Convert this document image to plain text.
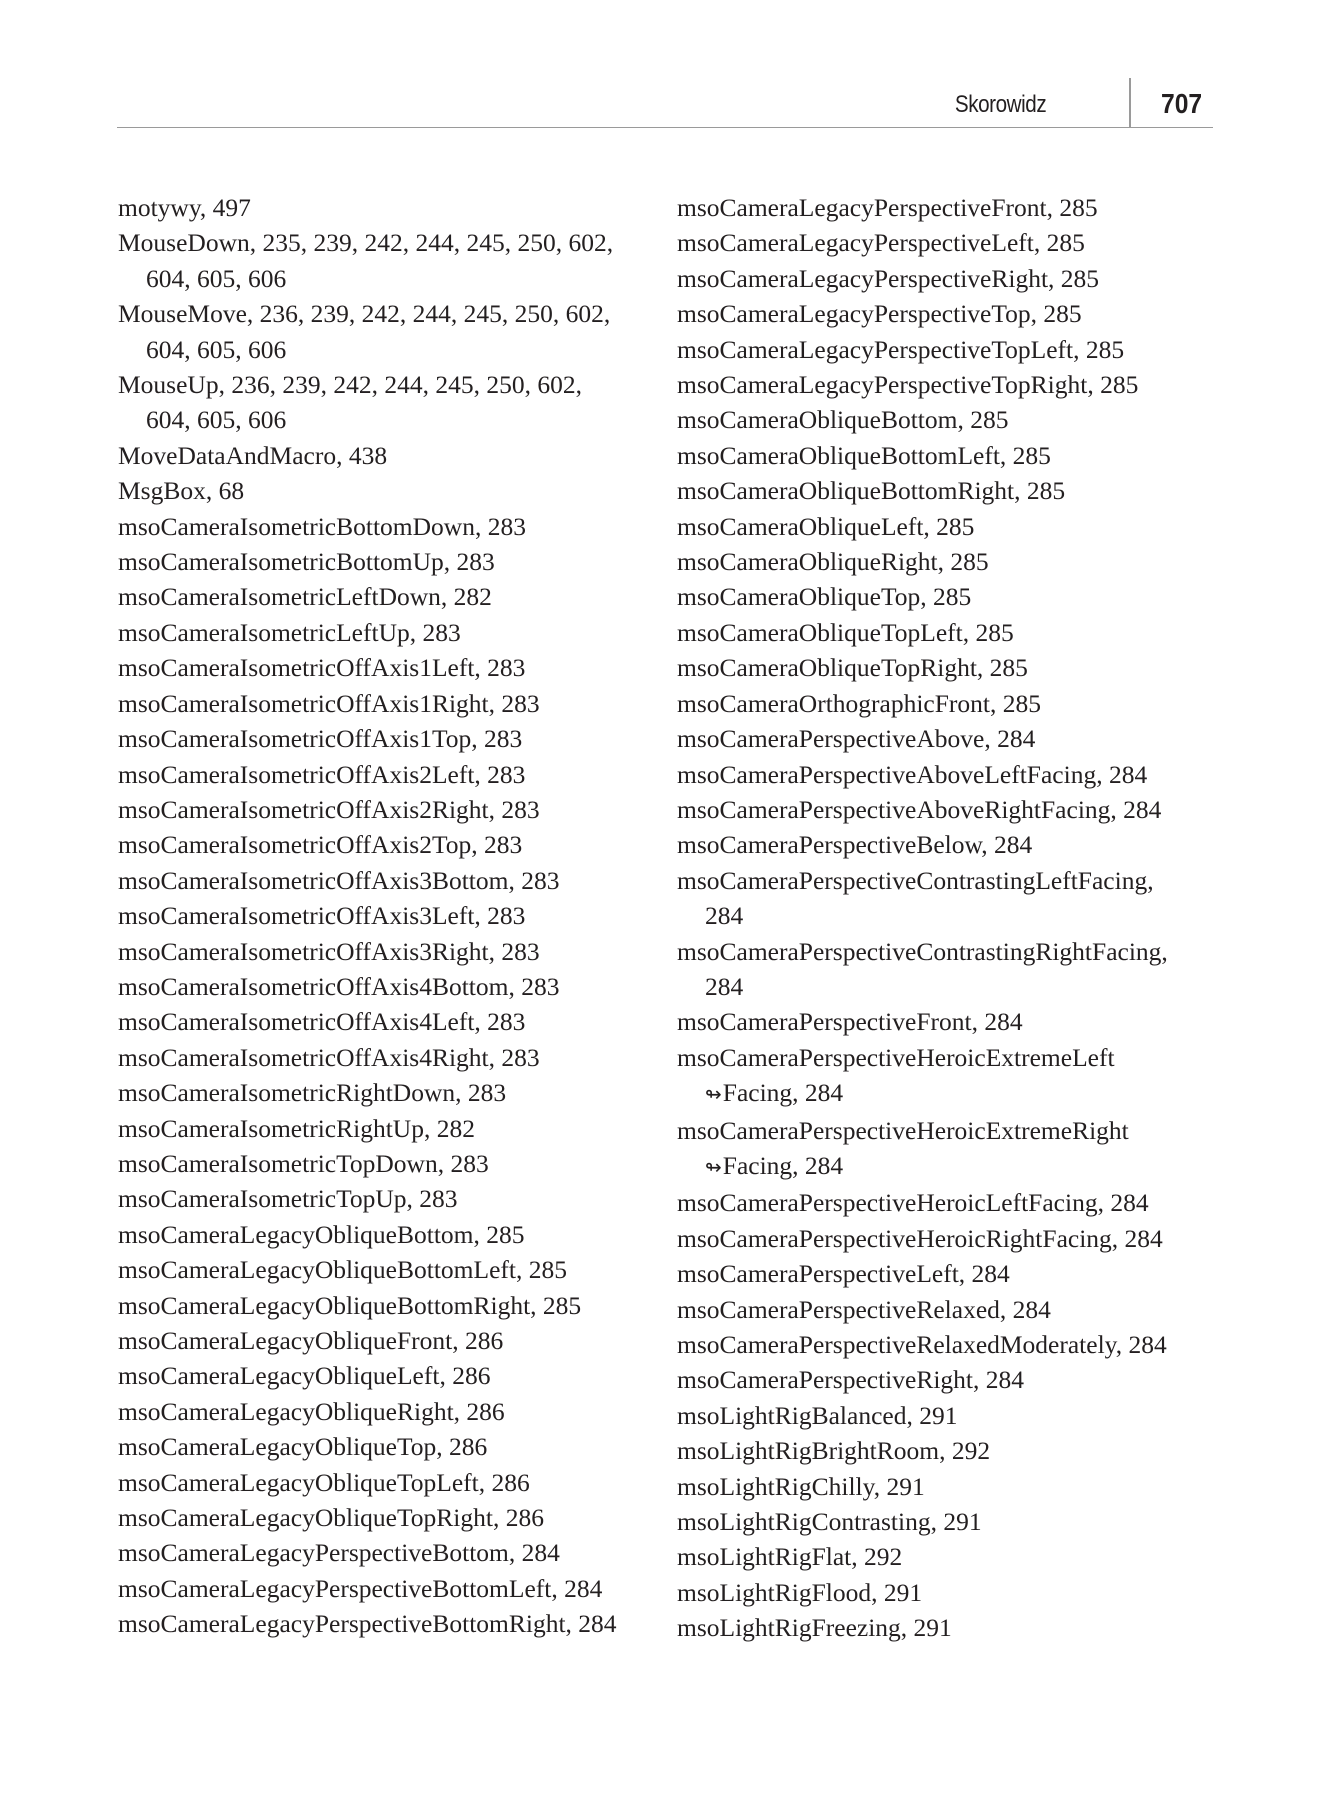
Skorowidz	707
motywy, 497
MouseDown, 235, 239, 242, 244, 245, 250, 602,
604, 605, 606
MouseMove, 236, 239, 242, 244, 245, 250, 602,
604, 605, 606
MouseUp, 236, 239, 242, 244, 245, 250, 602,
604, 605, 606
MoveDataAndMacro, 438
MsgBox, 68
msoCameraIsometricBottomDown, 283
msoCameraIsometricBottomUp, 283
msoCameraIsometricLeftDown, 282
msoCameraIsometricLeftUp, 283
msoCameraIsometricOffAxis1Left, 283
msoCameraIsometricOffAxis1Right, 283
msoCameraIsometricOffAxis1Top, 283
msoCameraIsometricOffAxis2Left, 283
msoCameraIsometricOffAxis2Right, 283
msoCameraIsometricOffAxis2Top, 283
msoCameraIsometricOffAxis3Bottom, 283
msoCameraIsometricOffAxis3Left, 283
msoCameraIsometricOffAxis3Right, 283
msoCameraIsometricOffAxis4Bottom, 283
msoCameraIsometricOffAxis4Left, 283
msoCameraIsometricOffAxis4Right, 283
msoCameraIsometricRightDown, 283
msoCameraIsometricRightUp, 282
msoCameraIsometricTopDown, 283
msoCameraIsometricTopUp, 283
msoCameraLegacyObliqueBottom, 285
msoCameraLegacyObliqueBottomLeft, 285
msoCameraLegacyObliqueBottomRight, 285
msoCameraLegacyObliqueFront, 286
msoCameraLegacyObliqueLeft, 286
msoCameraLegacyObliqueRight, 286
msoCameraLegacyObliqueTop, 286
msoCameraLegacyObliqueTopLeft, 286
msoCameraLegacyObliqueTopRight, 286
msoCameraLegacyPerspectiveBottom, 284
msoCameraLegacyPerspectiveBottomLeft, 284
msoCameraLegacyPerspectiveBottomRight, 284
msoCameraLegacyPerspectiveFront, 285
msoCameraLegacyPerspectiveLeft, 285
msoCameraLegacyPerspectiveRight, 285
msoCameraLegacyPerspectiveTop, 285
msoCameraLegacyPerspectiveTopLeft, 285
msoCameraLegacyPerspectiveTopRight, 285
msoCameraObliqueBottom, 285
msoCameraObliqueBottomLeft, 285
msoCameraObliqueBottomRight, 285
msoCameraObliqueLeft, 285
msoCameraObliqueRight, 285
msoCameraObliqueTop, 285
msoCameraObliqueTopLeft, 285
msoCameraObliqueTopRight, 285
msoCameraOrthographicFront, 285
msoCameraPerspectiveAbove, 284
msoCameraPerspectiveAboveLeftFacing, 284
msoCameraPerspectiveAboveRightFacing, 284
msoCameraPerspectiveBelow, 284
msoCameraPerspectiveContrastingLeftFacing,
284
msoCameraPerspectiveContrastingRightFacing,
284
msoCameraPerspectiveFront, 284
msoCameraPerspectiveHeroicExtremeLeft
↬Facing, 284
msoCameraPerspectiveHeroicExtremeRight
↬Facing, 284
msoCameraPerspectiveHeroicLeftFacing, 284
msoCameraPerspectiveHeroicRightFacing, 284
msoCameraPerspectiveLeft, 284
msoCameraPerspectiveRelaxed, 284
msoCameraPerspectiveRelaxedModerately, 284
msoCameraPerspectiveRight, 284
msoLightRigBalanced, 291
msoLightRigBrightRoom, 292
msoLightRigChilly, 291
msoLightRigContrasting, 291
msoLightRigFlat, 292
msoLightRigFlood, 291
msoLightRigFreezing, 291
